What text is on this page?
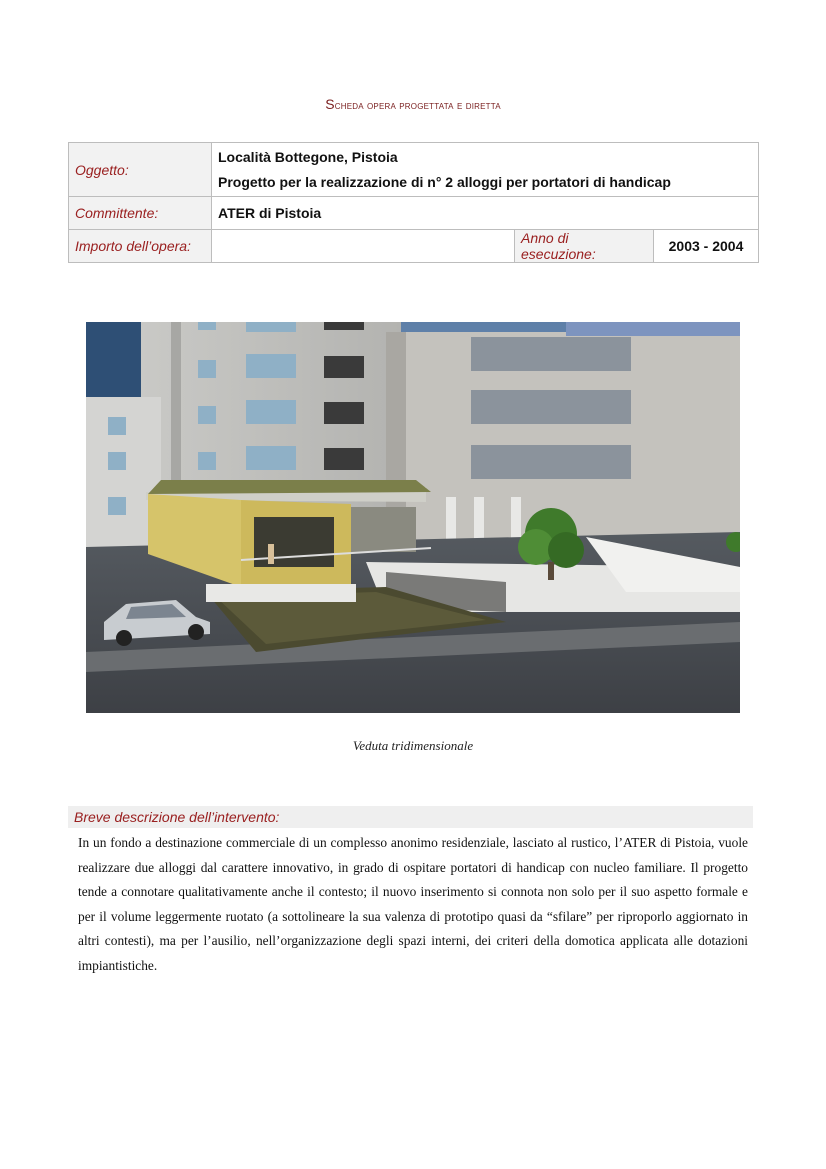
Scheda opera progettata e diretta
Oggetto:	Località Bottegone, Pistoia
Progetto per la realizzazione di n° 2 alloggi per portatori di handicap		

Committente:	ATER di Pistoia		
Importo dell’opera:		Anno di esecuzione:	2003 - 2004
Veduta tridimensionale
Breve descrizione dell’intervento:
In un fondo a destinazione commerciale di un complesso anonimo residenziale, lasciato al rustico, l’ATER di Pistoia, vuole realizzare due alloggi dal carattere innovativo, in grado di ospitare portatori di handicap con nucleo familiare. Il progetto tende a connotare qualitativamente anche il contesto; il nuovo inserimento si connota non solo per il suo aspetto formale e per il volume leggermente ruotato (a sottolineare la sua valenza di prototipo quasi da “sfilare” per riproporlo aggiornato in altri contesti), ma per l’ausilio, nell’organizzazione degli spazi interni, dei criteri della domotica applicata alle dotazioni impiantistiche.
